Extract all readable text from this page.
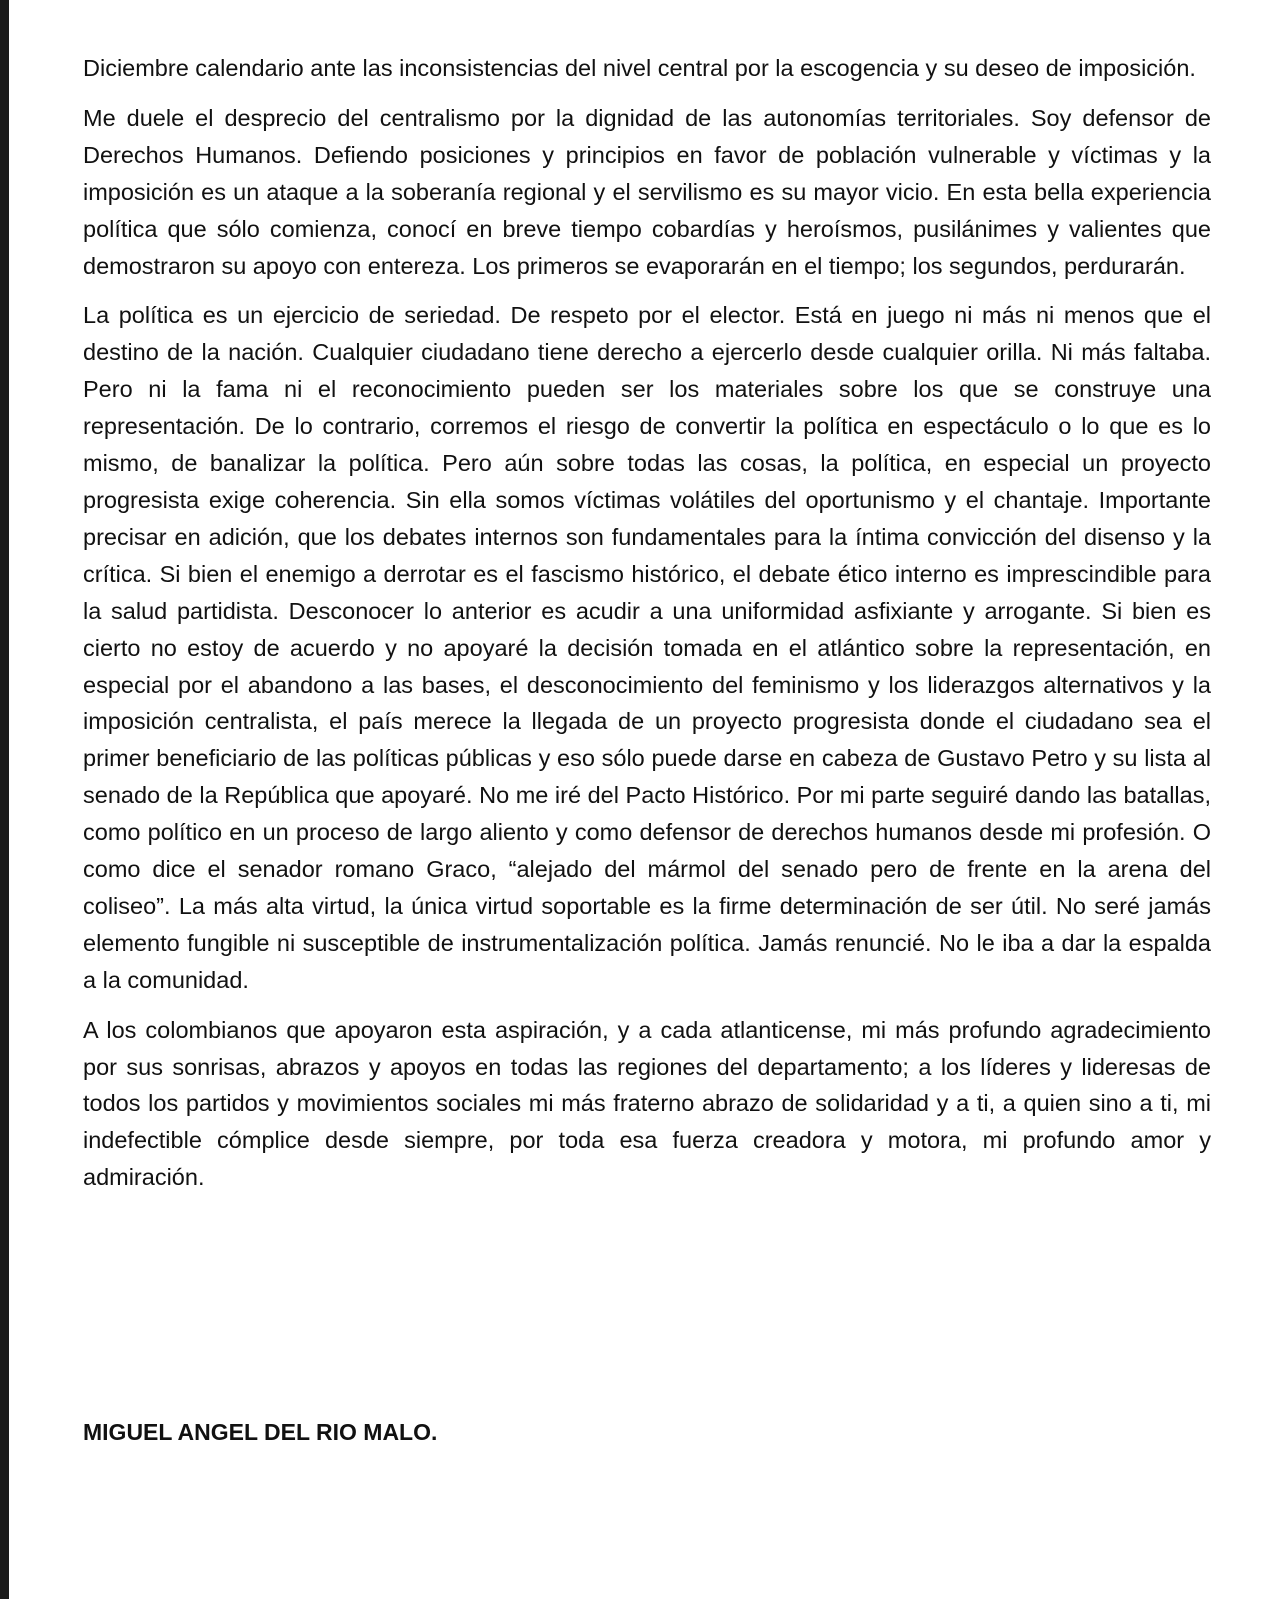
Diciembre calendario ante las inconsistencias del nivel central por la escogencia y su deseo de imposición.

Me duele el desprecio del centralismo por la dignidad de las autonomías territoriales. Soy defensor de Derechos Humanos. Defiendo posiciones y principios en favor de población vulnerable y víctimas y la imposición es un ataque a la soberanía regional y el servilismo es su mayor vicio. En esta bella experiencia política que sólo comienza, conocí en breve tiempo cobardías y heroísmos, pusilánimes y valientes que demostraron su apoyo con entereza. Los primeros se evaporarán en el tiempo; los segundos, perdurarán.

La política es un ejercicio de seriedad. De respeto por el elector. Está en juego ni más ni menos que el destino de la nación. Cualquier ciudadano tiene derecho a ejercerlo desde cualquier orilla. Ni más faltaba. Pero ni la fama ni el reconocimiento pueden ser los materiales sobre los que se construye una representación. De lo contrario, corremos el riesgo de convertir la política en espectáculo o lo que es lo mismo, de banalizar la política. Pero aún sobre todas las cosas, la política, en especial un proyecto progresista exige coherencia. Sin ella somos víctimas volátiles del oportunismo y el chantaje. Importante precisar en adición, que los debates internos son fundamentales para la íntima convicción del disenso y la crítica. Si bien el enemigo a derrotar es el fascismo histórico, el debate ético interno es imprescindible para la salud partidista. Desconocer lo anterior es acudir a una uniformidad asfixiante y arrogante. Si bien es cierto no estoy de acuerdo y no apoyaré la decisión tomada en el atlántico sobre la representación, en especial por el abandono a las bases, el desconocimiento del feminismo y los liderazgos alternativos y la imposición centralista, el país merece la llegada de un proyecto progresista donde el ciudadano sea el primer beneficiario de las políticas públicas y eso sólo puede darse en cabeza de Gustavo Petro y su lista al senado de la República que apoyaré. No me iré del Pacto Histórico. Por mi parte seguiré dando las batallas, como político en un proceso de largo aliento y como defensor de derechos humanos desde mi profesión. O como dice el senador romano Graco, “alejado del mármol del senado pero de frente en la arena del coliseo”. La más alta virtud, la única virtud soportable es la firme determinación de ser útil. No seré jamás elemento fungible ni susceptible de instrumentalización política. Jamás renuncié. No le iba a dar la espalda a la comunidad.

A los colombianos que apoyaron esta aspiración, y a cada atlanticense, mi más profundo agradecimiento por sus sonrisas, abrazos y apoyos en todas las regiones del departamento; a los líderes y lideresas de todos los partidos y movimientos sociales mi más fraterno abrazo de solidaridad y a ti, a quien sino a ti, mi indefectible cómplice desde siempre, por toda esa fuerza creadora y motora, mi profundo amor y admiración.

MIGUEL ANGEL DEL RIO MALO.
